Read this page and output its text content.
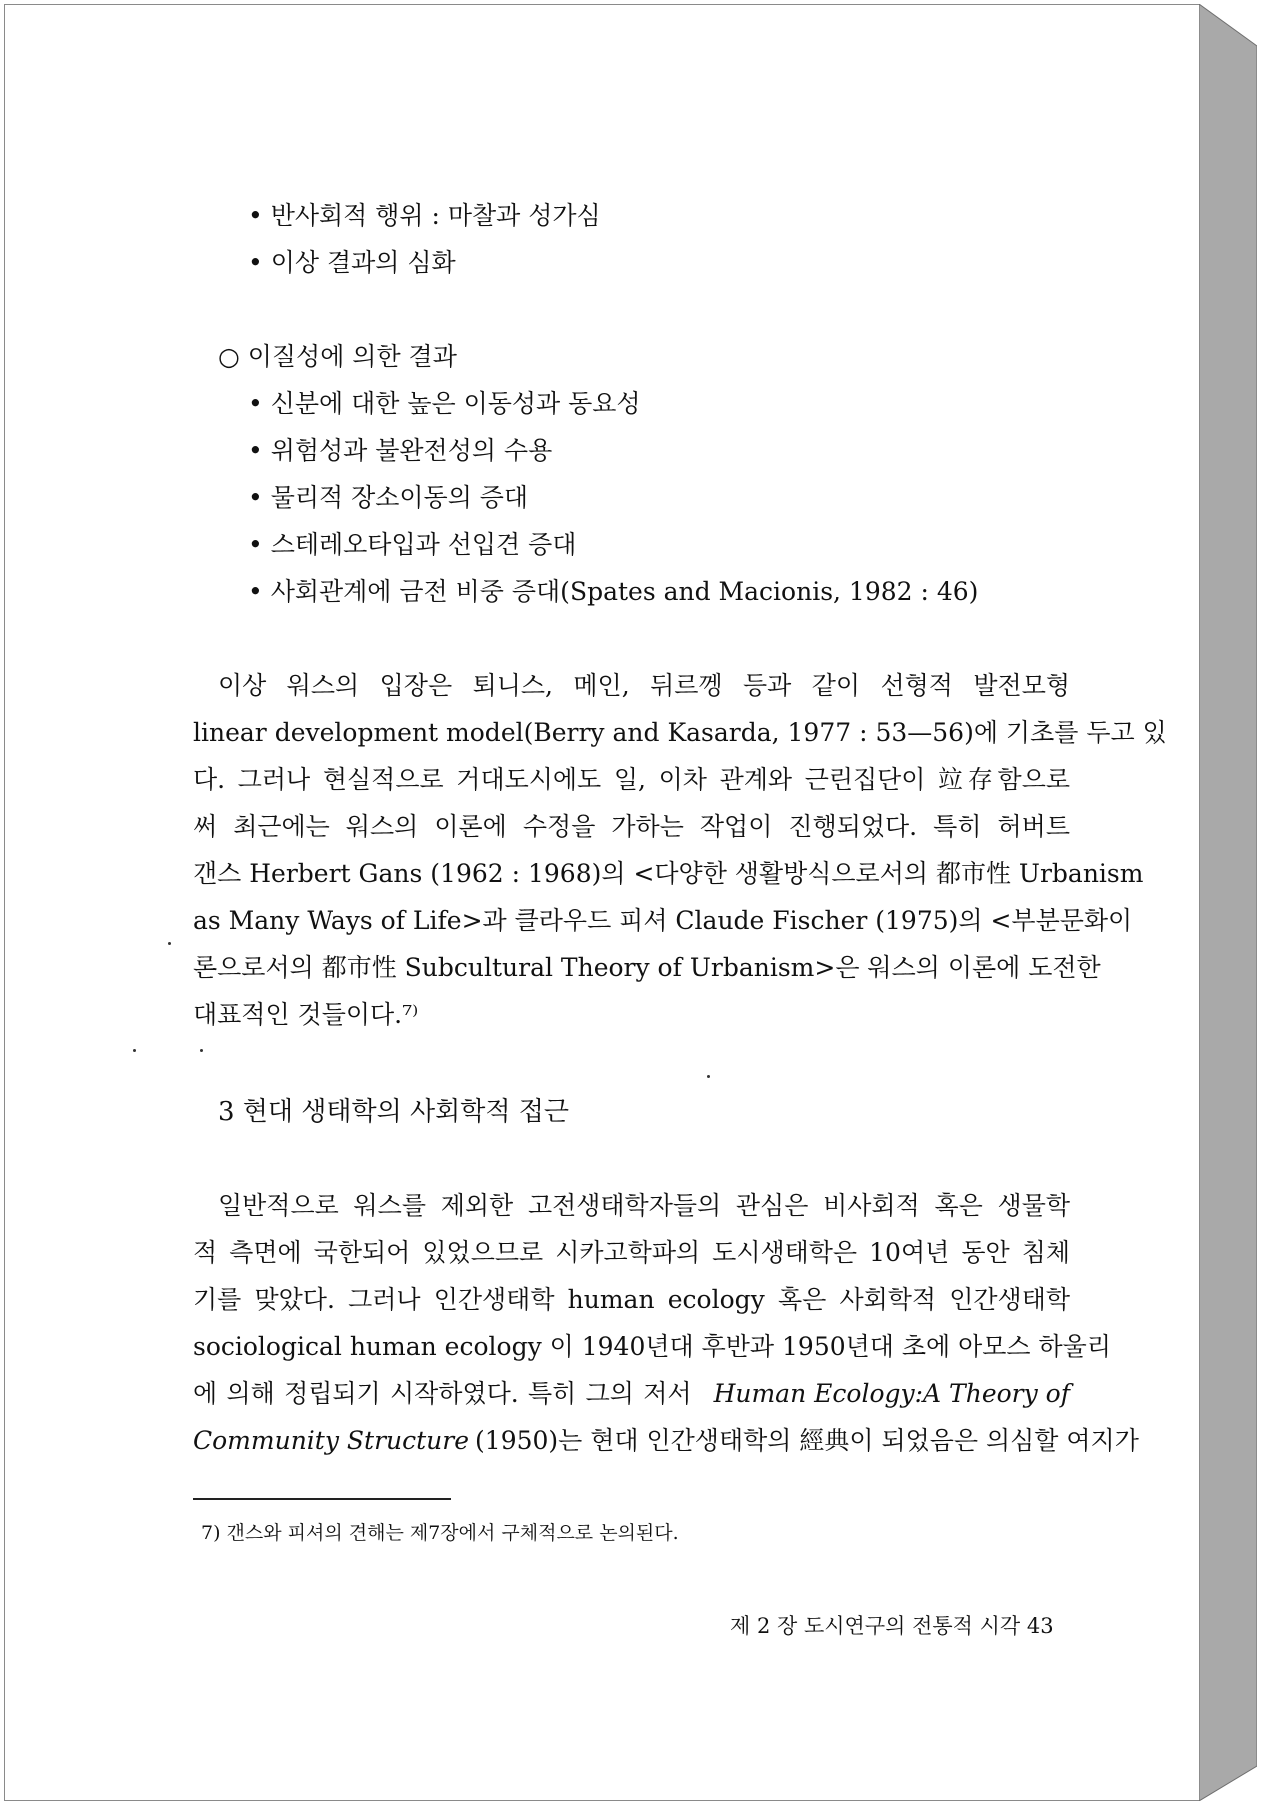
• 반사회적 행위 : 마찰과 성가심
• 이상 결과의 심화
○ 이질성에 의한 결과
• 신분에 대한 높은 이동성과 동요성
• 위험성과 불완전성의 수용
• 물리적 장소이동의 증대
• 스테레오타입과 선입견 증대
• 사회관계에 금전 비중 증대(Spates and Macionis, 1982 : 46)
이상 워스의 입장은 퇴니스, 메인, 뒤르껭 등과 같이 선형적 발전모형
linear development model(Berry and Kasarda, 1977 : 53—56)에 기초를 두고 있
다. 그러나 현실적으로 거대도시에도 일, 이차 관계와 근린집단이 竝存함으로
써 최근에는 워스의 이론에 수정을 가하는 작업이 진행되었다. 특히 허버트
갠스 Herbert Gans (1962 : 1968)의 <다양한 생활방식으로서의 都市性 Urbanism
as Many Ways of Life>과 클라우드 피셔 Claude Fischer (1975)의 <부분문화이
론으로서의 都市性 Subcultural Theory of Urbanism>은 워스의 이론에 도전한
대표적인 것들이다.⁷⁾
3 현대 생태학의 사회학적 접근
일반적으로 워스를 제외한 고전생태학자들의 관심은 비사회적 혹은 생물학
적 측면에 국한되어 있었으므로 시카고학파의 도시생태학은 10여년 동안 침체
기를 맞았다. 그러나 인간생태학 human ecology 혹은 사회학적 인간생태학
sociological human ecology 이 1940년대 후반과 1950년대 초에 아모스 하울리
에 의해 정립되기 시작하였다. 특히 그의 저서 Human Ecology:A Theory of
Community Structure (1950)는 현대 인간생태학의 經典이 되었음은 의심할 여지가
7) 갠스와 피셔의 견해는 제7장에서 구체적으로 논의된다.
제 2 장 도시연구의 전통적 시각 43
